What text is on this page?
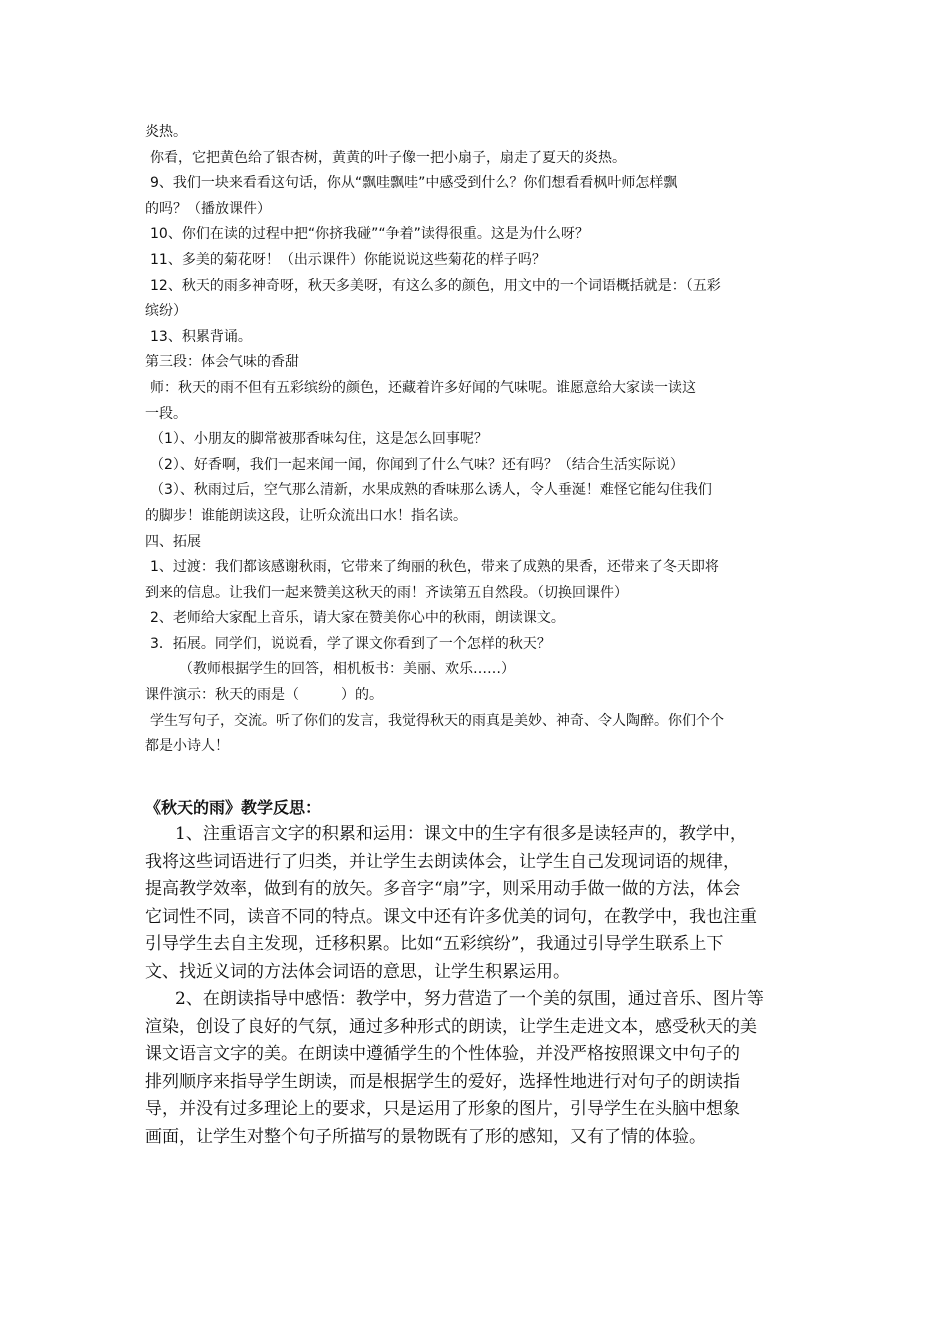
炎热。
你看，它把黄色给了银杏树，黄黄的叶子像一把小扇子，扇走了夏天的炎热。
9、我们一块来看看这句话，你从“飘哇飘哇”中感受到什么？你们想看看枫叶师怎样飘
的吗？（播放课件）
10、你们在读的过程中把“你挤我碰”“争着”读得很重。这是为什么呀？
11、多美的菊花呀！（出示课件）你能说说这些菊花的样子吗？
12、秋天的雨多神奇呀，秋天多美呀，有这么多的颜色，用文中的一个词语概括就是：（五彩
缤纷）
13、积累背诵。
第三段：体会气味的香甜
师：秋天的雨不但有五彩缤纷的颜色，还藏着许多好闻的气味呢。谁愿意给大家读一读这
一段。
（1）、小朋友的脚常被那香味勾住，这是怎么回事呢？
（2）、好香啊，我们一起来闻一闻，你闻到了什么气味？还有吗？（结合生活实际说）
（3）、秋雨过后，空气那么清新，水果成熟的香味那么诱人，令人垂涎！难怪它能勾住我们
的脚步！谁能朗读这段，让听众流出口水！指名读。
四、拓展
1、过渡：我们都该感谢秋雨，它带来了绚丽的秋色，带来了成熟的果香，还带来了冬天即将
到来的信息。让我们一起来赞美这秋天的雨！齐读第五自然段。（切换回课件）
2、老师给大家配上音乐，请大家在赞美你心中的秋雨，朗读课文。
3．拓展。同学们，说说看，学了课文你看到了一个怎样的秋天？
（教师根据学生的回答，相机板书：美丽、欢乐……）
课件演示：秋天的雨是（　　　）的。
学生写句子，交流。听了你们的发言，我觉得秋天的雨真是美妙、神奇、令人陶醉。你们个个
都是小诗人！
《秋天的雨》教学反思：
1、注重语言文字的积累和运用：课文中的生字有很多是读轻声的，教学中，
我将这些词语进行了归类，并让学生去朗读体会，让学生自己发现词语的规律，
提高教学效率，做到有的放矢。多音字“扇”字，则采用动手做一做的方法，体会
它词性不同，读音不同的特点。课文中还有许多优美的词句，在教学中，我也注重
引导学生去自主发现，迁移积累。比如“五彩缤纷”，我通过引导学生联系上下
文、找近义词的方法体会词语的意思，让学生积累运用。
2、在朗读指导中感悟：教学中，努力营造了一个美的氛围，通过音乐、图片等
渲染，创设了良好的气氛，通过多种形式的朗读，让学生走进文本，感受秋天的美
课文语言文字的美。在朗读中遵循学生的个性体验，并没严格按照课文中句子的
排列顺序来指导学生朗读，而是根据学生的爱好，选择性地进行对句子的朗读指
导，并没有过多理论上的要求，只是运用了形象的图片，引导学生在头脑中想象
画面，让学生对整个句子所描写的景物既有了形的感知，又有了情的体验。
